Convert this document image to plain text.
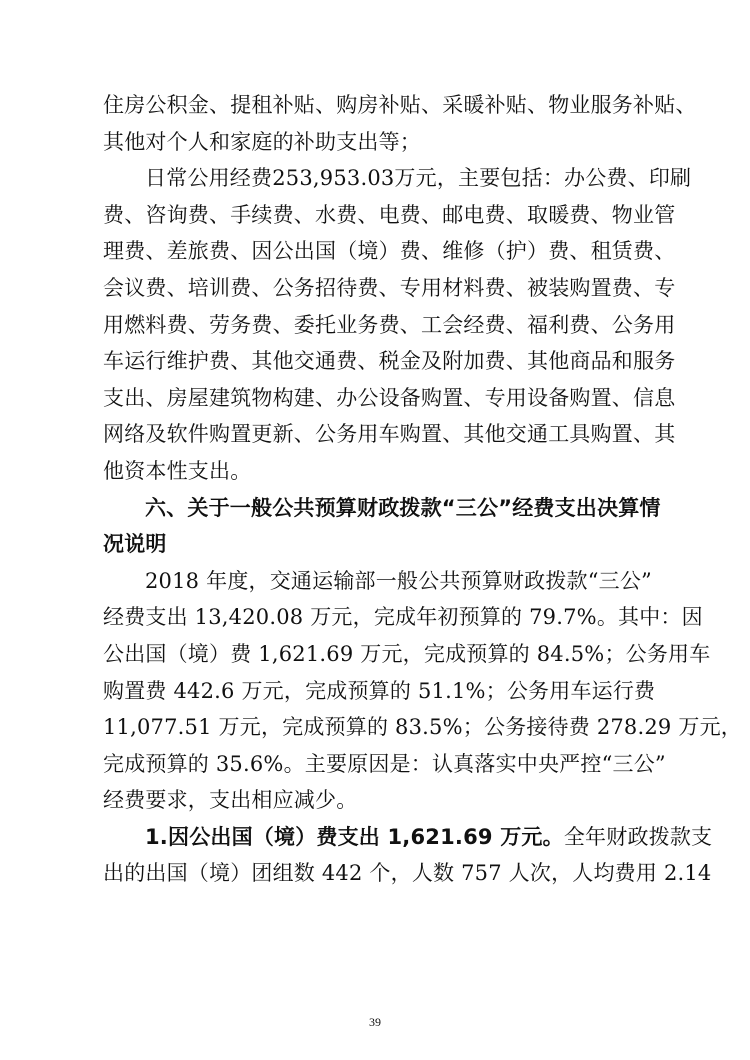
住房公积金、提租补贴、购房补贴、采暖补贴、物业服务补贴、
其他对个人和家庭的补助支出等；
日常公用经费253,953.03万元，主要包括：办公费、印刷
费、咨询费、手续费、水费、电费、邮电费、取暖费、物业管
理费、差旅费、因公出国（境）费、维修（护）费、租赁费、
会议费、培训费、公务招待费、专用材料费、被装购置费、专
用燃料费、劳务费、委托业务费、工会经费、福利费、公务用
车运行维护费、其他交通费、税金及附加费、其他商品和服务
支出、房屋建筑物构建、办公设备购置、专用设备购置、信息
网络及软件购置更新、公务用车购置、其他交通工具购置、其
他资本性支出。
六、关于一般公共预算财政拨款“三公”经费支出决算情
况说明
2018 年度，交通运输部一般公共预算财政拨款“三公”
经费支出 13,420.08 万元，完成年初预算的 79.7%。其中：因
公出国（境）费 1,621.69 万元，完成预算的 84.5%；公务用车
购置费 442.6 万元，完成预算的 51.1%；公务用车运行费
11,077.51 万元，完成预算的 83.5%；公务接待费 278.29 万元，
完成预算的 35.6%。主要原因是：认真落实中央严控“三公”
经费要求，支出相应减少。
1.因公出国（境）费支出 1,621.69 万元。全年财政拨款支
出的出国（境）团组数 442 个，人数 757 人次，人均费用 2.14
39
